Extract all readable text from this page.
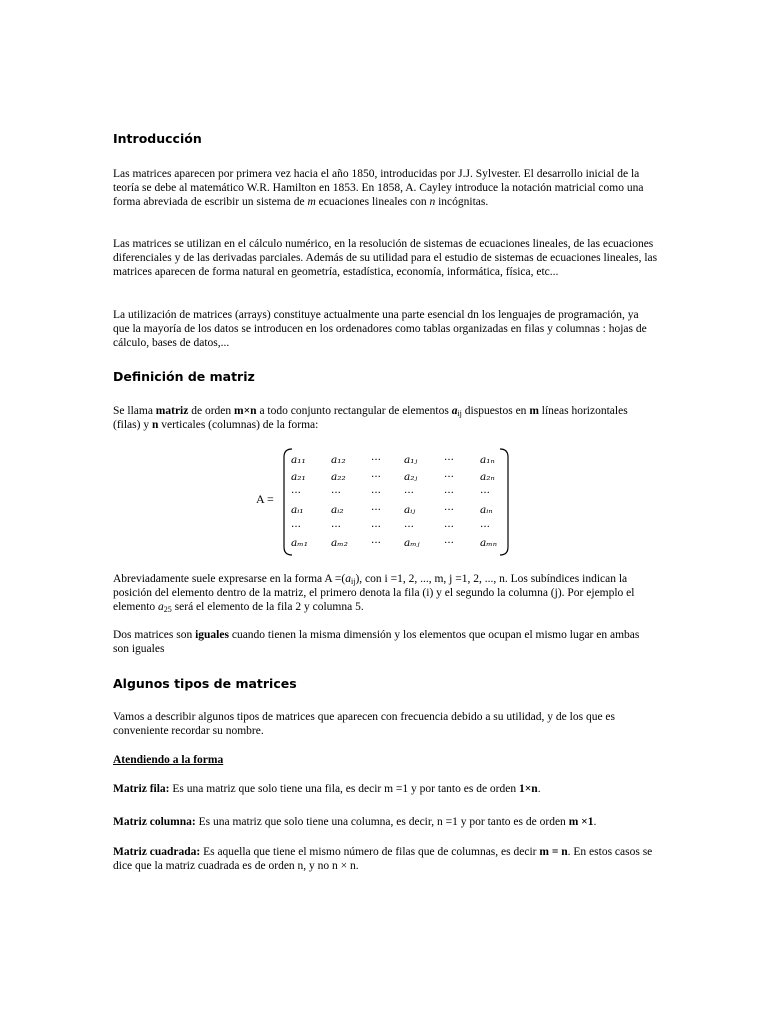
Introducción

Las matrices aparecen por primera vez hacia el año 1850, introducidas por J.J. Sylvester. El desarrollo inicial de la teoría se debe al matemático W.R. Hamilton en 1853. En 1858, A. Cayley introduce la notación matricial como una forma abreviada de escribir un sistema de m ecuaciones lineales con n incógnitas.

Las matrices se utilizan en el cálculo numérico, en la resolución de sistemas de ecuaciones lineales, de las ecuaciones diferenciales y de las derivadas parciales. Además de su utilidad para el estudio de sistemas de ecuaciones lineales, las matrices aparecen de forma natural en geometría, estadística, economía, informática, física, etc...

La utilización de matrices (arrays) constituye actualmente una parte esencial dn los lenguajes de programación, ya que la mayoría de los datos se introducen en los ordenadores como tablas organizadas en filas y columnas : hojas de cálculo, bases de datos,...

Definición de matriz

Se llama matriz de orden m×n a todo conjunto rectangular de elementos $a_{ij}$ dispuestos en m líneas horizontales (filas) y n verticales (columnas) de la forma:

Abreviadamente suele expresarse en la forma $A =(a_{ij})$, con i =1, 2, ..., m, j =1, 2, ..., n. Los subíndices indican la posición del elemento dentro de la matriz, el primero denota la fila (i) y el segundo la columna (j). Por ejemplo el elemento $a_{25}$ será el elemento de la fila 2 y columna 5.

Dos matrices son iguales cuando tienen la misma dimensión y los elementos que ocupan el mismo lugar en ambas son iguales

Algunos tipos de matrices

Vamos a describir algunos tipos de matrices que aparecen con frecuencia debido a su utilidad, y de los que es conveniente recordar su nombre.

Atendiendo a la forma

Matriz fila: Es una matriz que solo tiene una fila, es decir m =1 y por tanto es de orden 1×n.

Matriz columna: Es una matriz que solo tiene una columna, es decir, n =1 y por tanto es de orden m ×1.

Matriz cuadrada: Es aquella que tiene el mismo número de filas que de columnas, es decir m = n. En estos casos se dice que la matriz cuadrada es de orden n, y no n × n.

A =
a₁₁	a₁₂	···	a₁ⱼ	···	a₁ₙ
a₂₁	a₂₂	···	a₂ⱼ	···	a₂ₙ
···	···	···	···	···	···
aᵢ₁	aᵢ₂	···	aᵢⱼ	···	aᵢₙ
···	···	···	···	···	···
aₘ₁	aₘ₂	···	aₘⱼ	···	aₘₙ
